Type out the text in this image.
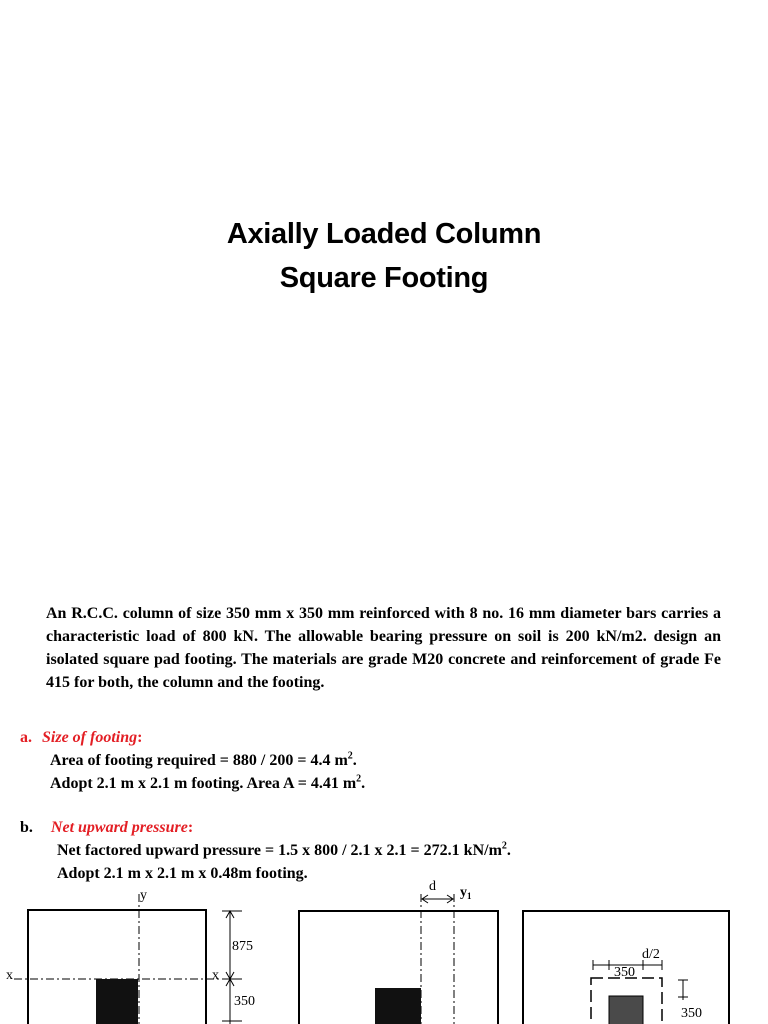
Axially Loaded Column
Square Footing
An R.C.C. column of size 350 mm x 350 mm reinforced with 8 no. 16 mm diameter bars carries a characteristic load of 800 kN. The allowable bearing pressure on soil is 200 kN/m2. design an isolated square pad footing. The materials are grade M20 concrete and reinforcement of grade Fe 415 for both, the column and the footing.
a. Size of footing:
Area of footing required = 880 / 200 = 4.4 $m^2$.
Adopt 2.1 m x 2.1 m footing. Area A = 4.41 $m^2$.
b. Net upward pressure:
Net factored upward pressure = 1.5 x 800 / 2.1 x 2.1 = 272.1 $kN/m^2$.
Adopt 2.1 m x 2.1 m x 0.48m footing.
y
x	x
875
350
d $y_1$
d/2
350
350
